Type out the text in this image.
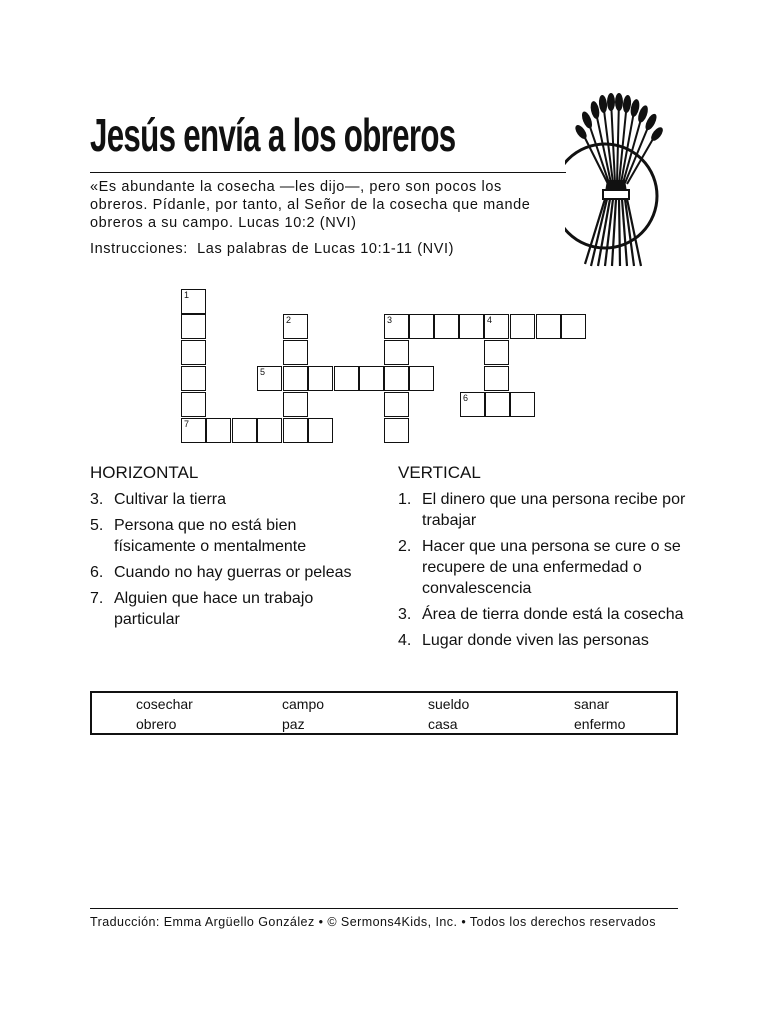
Jesús envía a los obreros

«Es abundante la cosecha —les dijo—, pero son pocos los obreros. Pídanle, por tanto, al Señor de la cosecha que mande obreros a su campo. Lucas 10:2 (NVI)

Instrucciones: Las palabras de Lucas 10:1-11 (NVI)

1
7
2
5
3	4
6
HORIZONTAL
3. Cultivar la tierra
5. Persona que no está bien físicamente o mentalmente
6. Cuando no hay guerras or peleas
7. Alguien que hace un trabajo particular
VERTICAL
1. El dinero que una persona recibe por trabajar
2. Hacer que una persona se cure o se recupere de una enfermedad o convalescencia
3. Área de tierra donde está la cosecha
4. Lugar donde viven las personas
cosechar	campo	sueldo	sanar
obrero	paz	casa	enfermo

Traducción: Emma Argüello González • © Sermons4Kids, Inc. • Todos los derechos reservados
